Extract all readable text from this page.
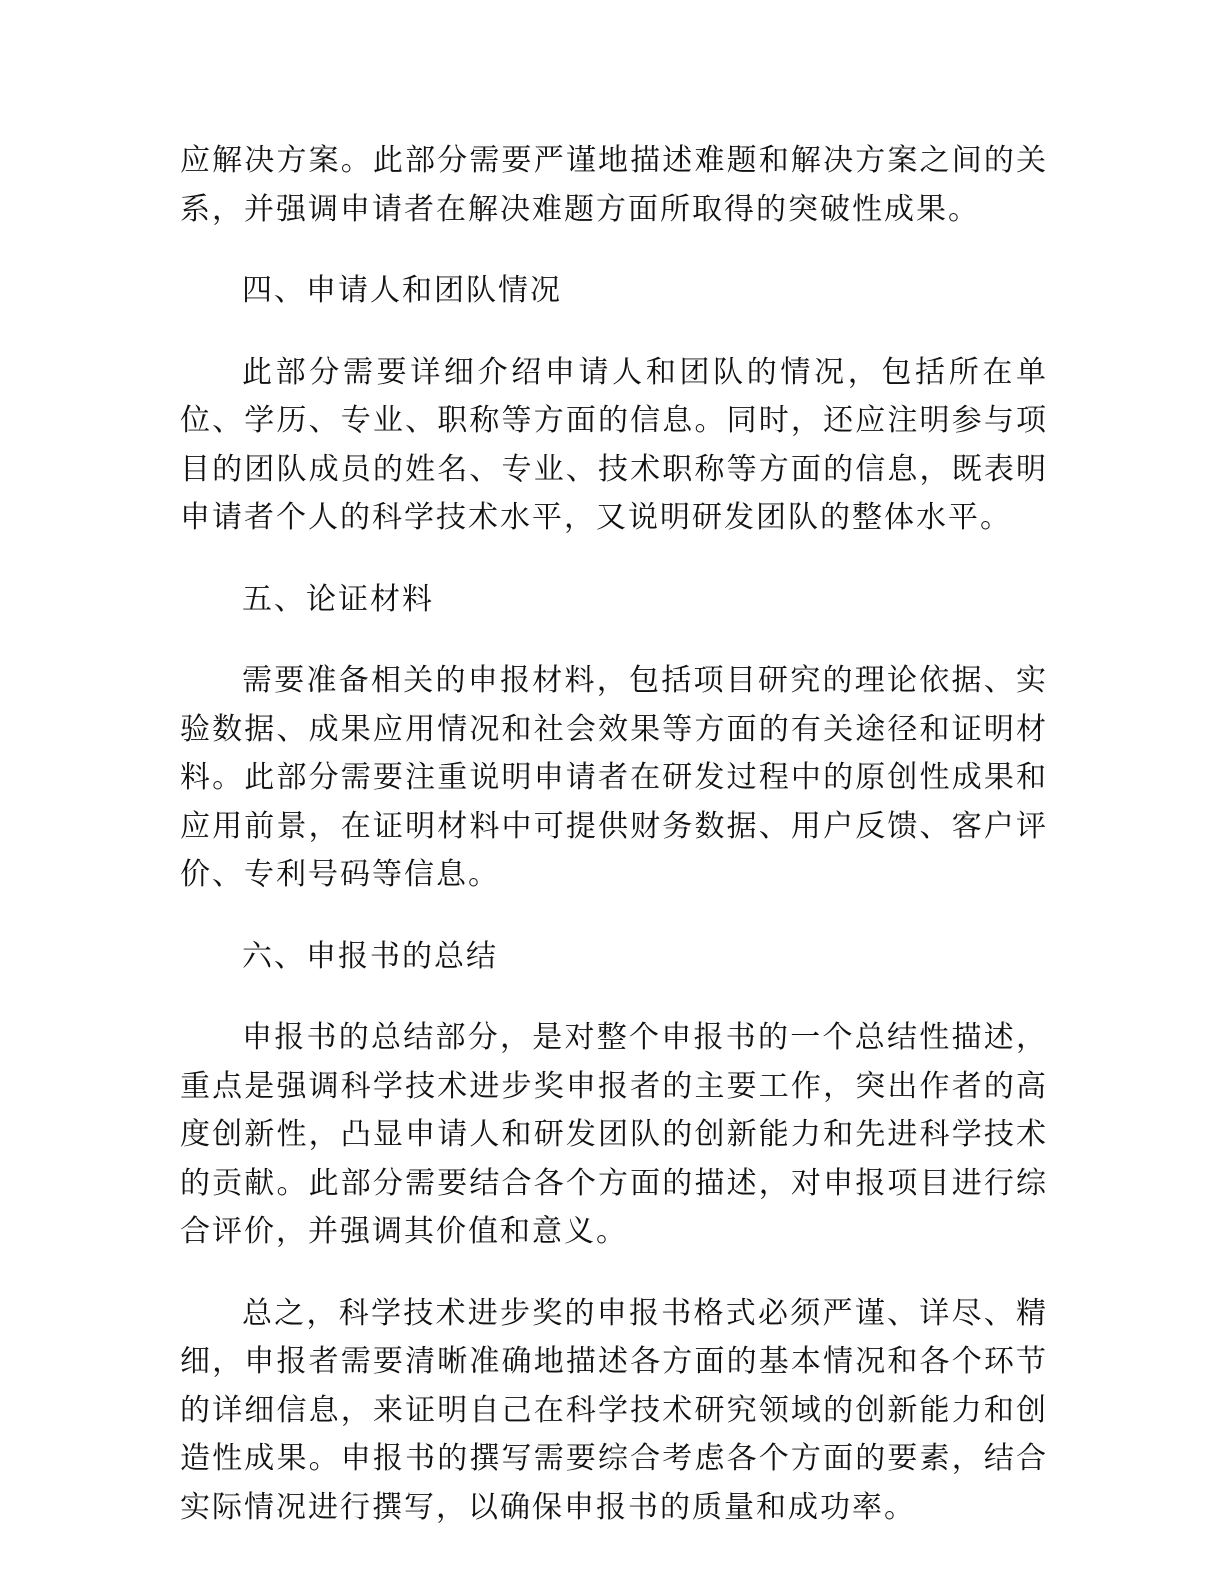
应解决方案。此部分需要严谨地描述难题和解决方案之间的关系，并强调申请者在解决难题方面所取得的突破性成果。

四、申请人和团队情况

此部分需要详细介绍申请人和团队的情况，包括所在单位、学历、专业、职称等方面的信息。同时，还应注明参与项目的团队成员的姓名、专业、技术职称等方面的信息，既表明申请者个人的科学技术水平，又说明研发团队的整体水平。

五、论证材料

需要准备相关的申报材料，包括项目研究的理论依据、实验数据、成果应用情况和社会效果等方面的有关途径和证明材料。此部分需要注重说明申请者在研发过程中的原创性成果和应用前景，在证明材料中可提供财务数据、用户反馈、客户评价、专利号码等信息。

六、申报书的总结

申报书的总结部分，是对整个申报书的一个总结性描述，重点是强调科学技术进步奖申报者的主要工作，突出作者的高度创新性，凸显申请人和研发团队的创新能力和先进科学技术的贡献。此部分需要结合各个方面的描述，对申报项目进行综合评价，并强调其价值和意义。

总之，科学技术进步奖的申报书格式必须严谨、详尽、精细，申报者需要清晰准确地描述各方面的基本情况和各个环节的详细信息，来证明自己在科学技术研究领域的创新能力和创造性成果。申报书的撰写需要综合考虑各个方面的要素，结合实际情况进行撰写，以确保申报书的质量和成功率。
